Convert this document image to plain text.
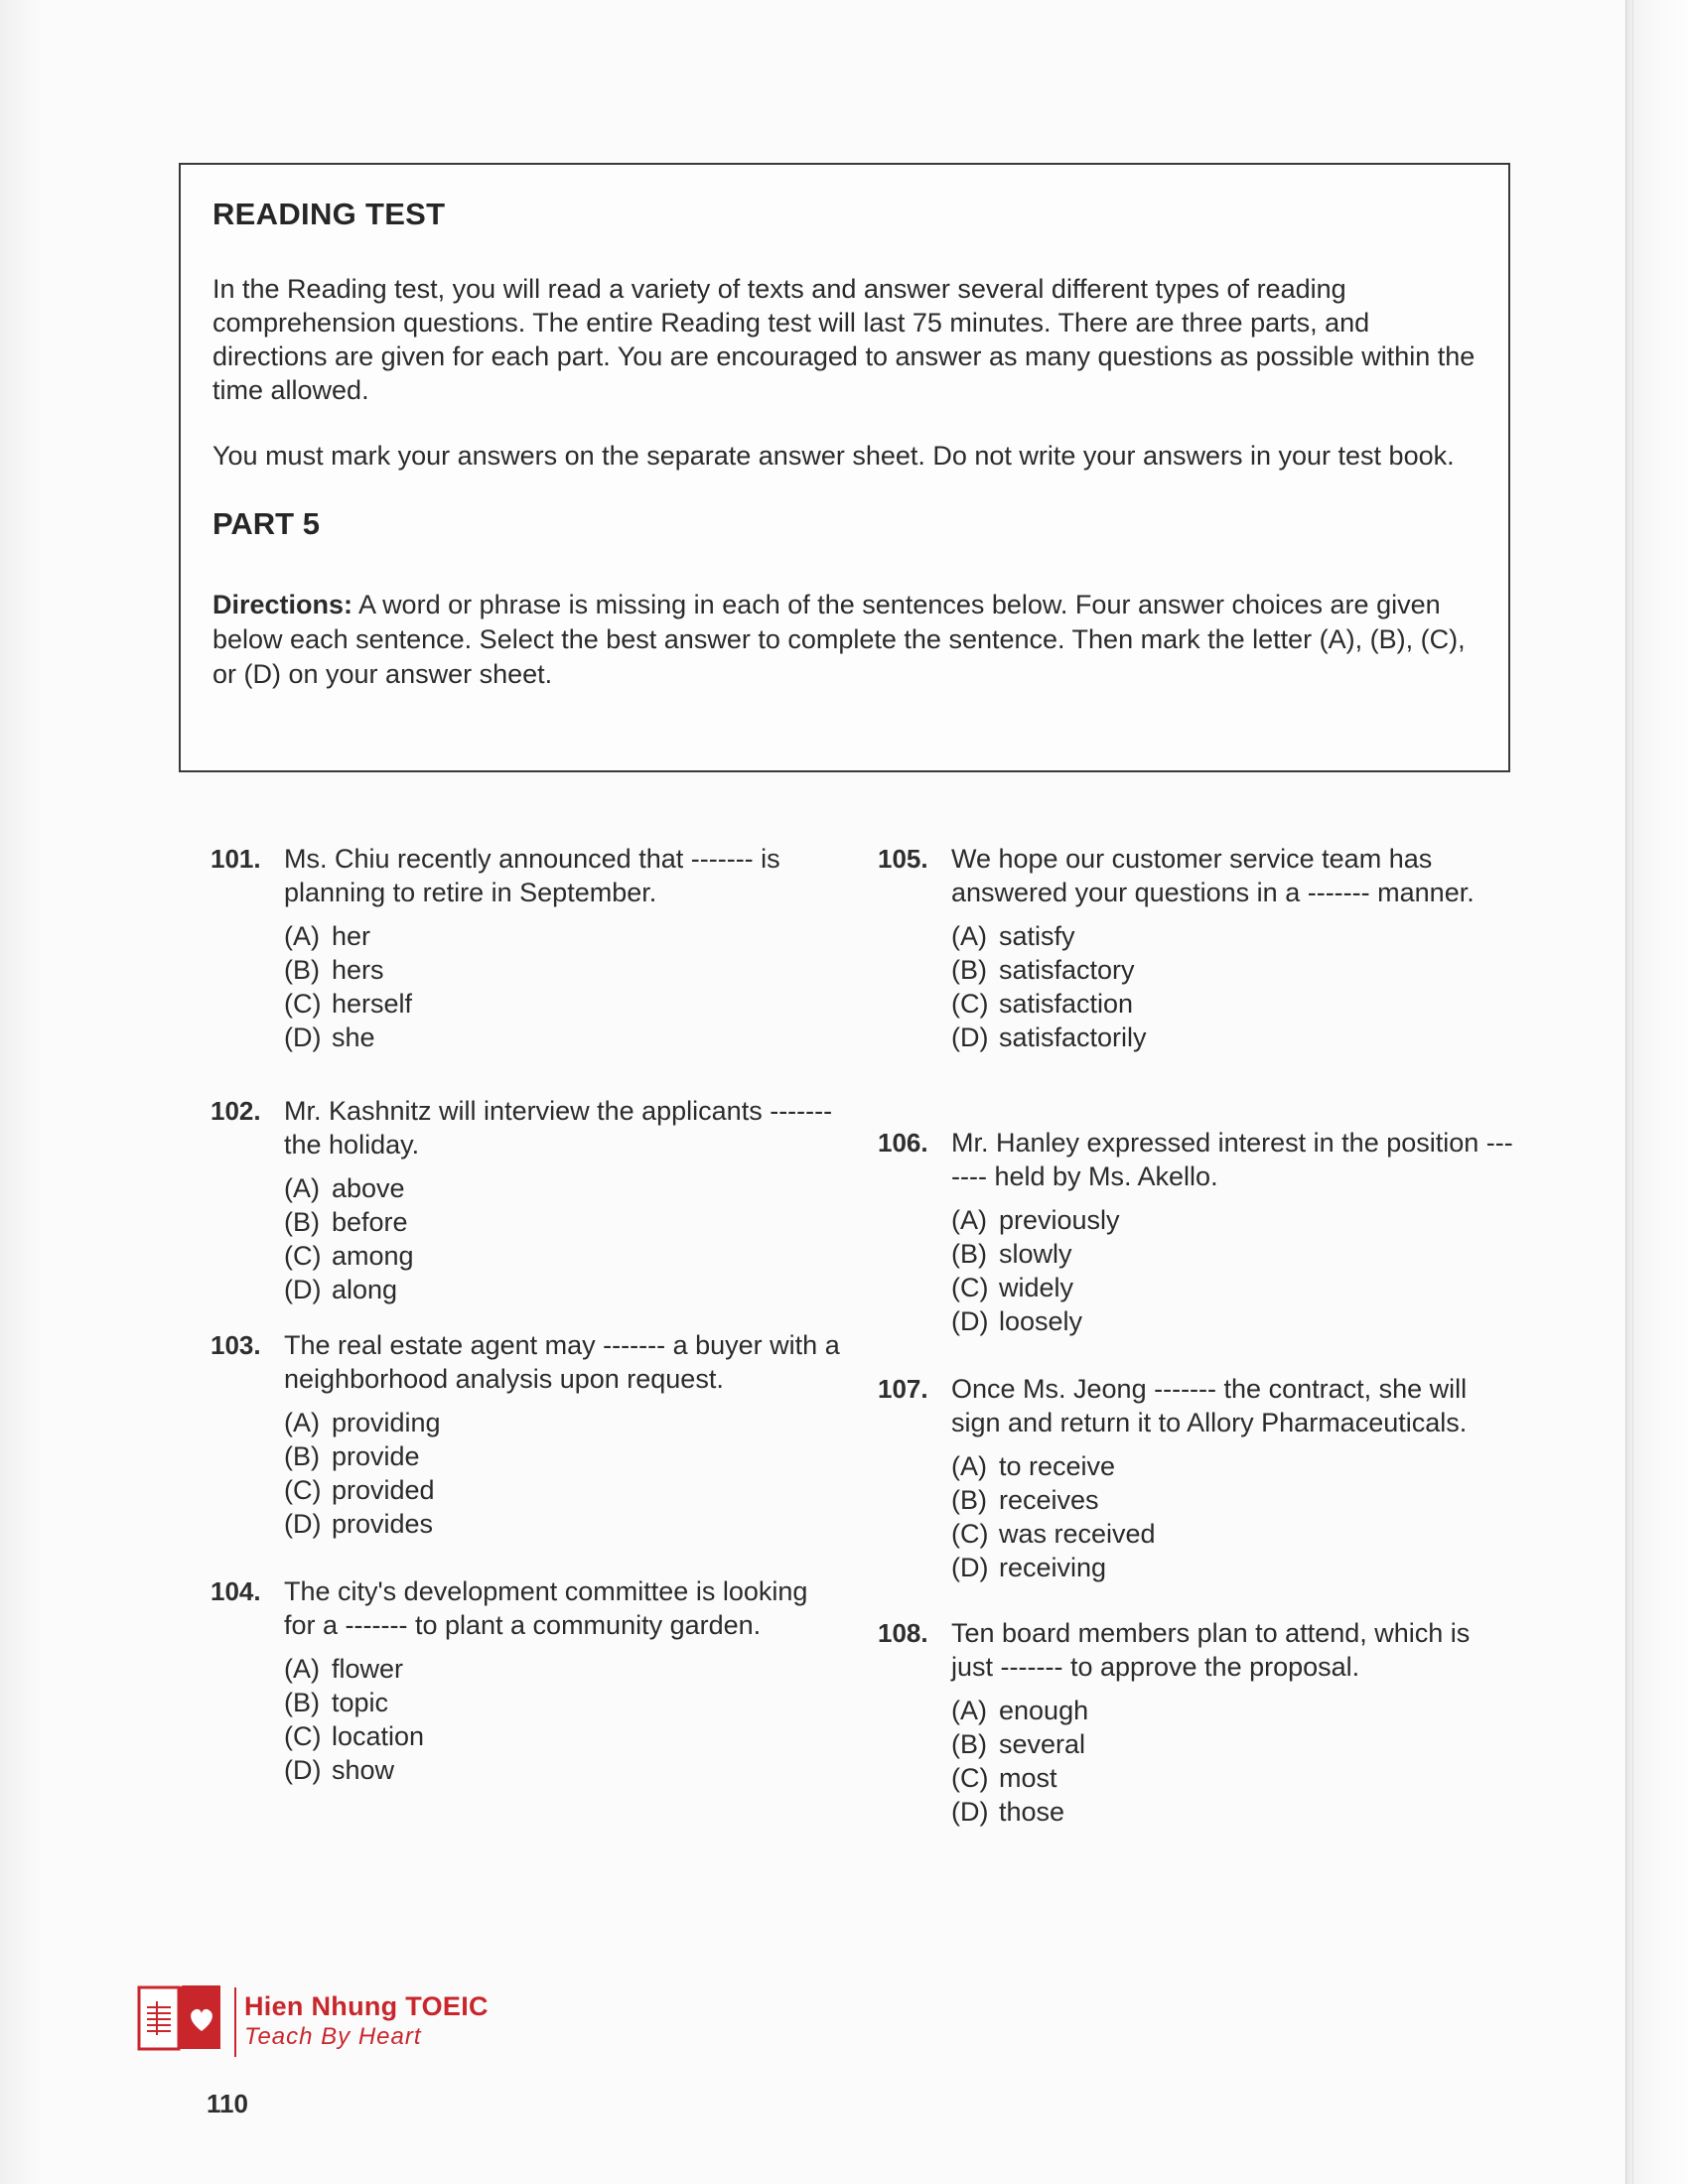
READING TEST

In the Reading test, you will read a variety of texts and answer several different types of reading comprehension questions. The entire Reading test will last 75 minutes. There are three parts, and directions are given for each part. You are encouraged to answer as many questions as possible within the time allowed.

You must mark your answers on the separate answer sheet. Do not write your answers in your test book.

PART 5

Directions: A word or phrase is missing in each of the sentences below. Four answer choices are given below each sentence. Select the best answer to complete the sentence. Then mark the letter (A), (B), (C), or (D) on your answer sheet.

101. Ms. Chiu recently announced that ------- is planning to retire in September.
(A) her
(B) hers
(C) herself
(D) she
102. Mr. Kashnitz will interview the applicants ------- the holiday.
(A) above
(B) before
(C) among
(D) along
103. The real estate agent may ------- a buyer with a neighborhood analysis upon request.
(A) providing
(B) provide
(C) provided
(D) provides
104. The city's development committee is looking for a ------- to plant a community garden.
(A) flower
(B) topic
(C) location
(D) show
105. We hope our customer service team has answered your questions in a ------- manner.
(A) satisfy
(B) satisfactory
(C) satisfaction
(D) satisfactorily
106. Mr. Hanley expressed interest in the position ------- held by Ms. Akello.
(A) previously
(B) slowly
(C) widely
(D) loosely
107. Once Ms. Jeong ------- the contract, she will sign and return it to Allory Pharmaceuticals.
(A) to receive
(B) receives
(C) was received
(D) receiving
108. Ten board members plan to attend, which is just ------- to approve the proposal.
(A) enough
(B) several
(C) most
(D) those
Hien Nhung TOEIC
Teach By Heart
110
